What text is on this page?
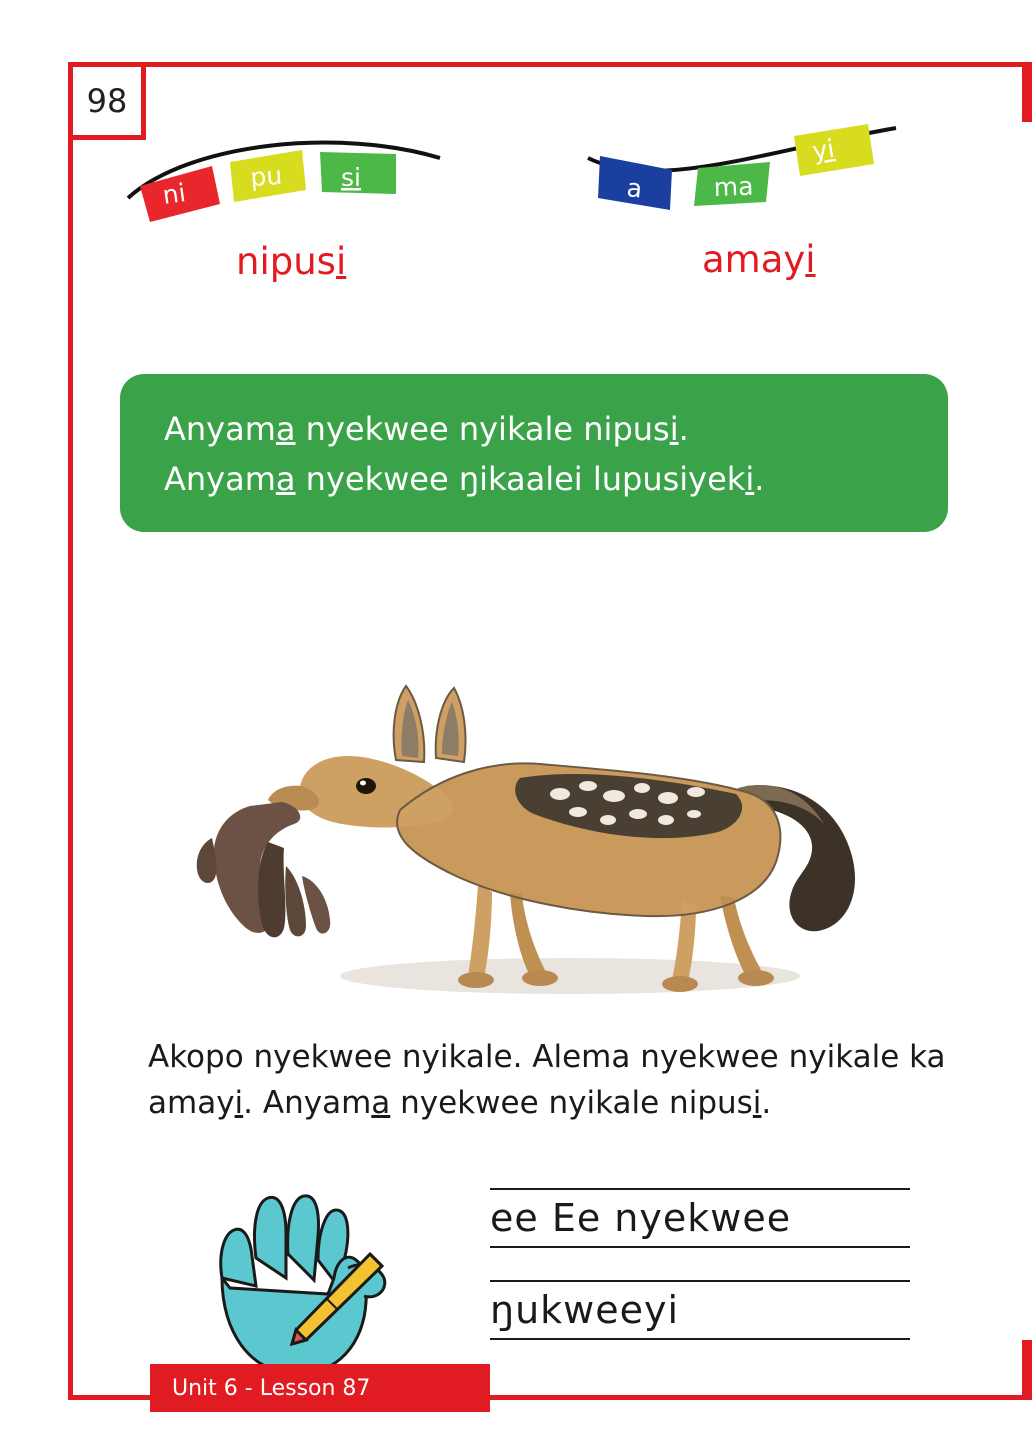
98
ni
pu si
nipusi
a	ma
yi
amayi
Anyama nyekwee nyikale nipusi.
Anyama nyekwee ŋikaalei lupusiyeki.
Akopo nyekwee nyikale. Alema nyekwee nyikale ka amayi. Anyama nyekwee nyikale nipusi.
ee Ee nyekwee
ŋukweeyi
Unit 6 - Lesson 87
